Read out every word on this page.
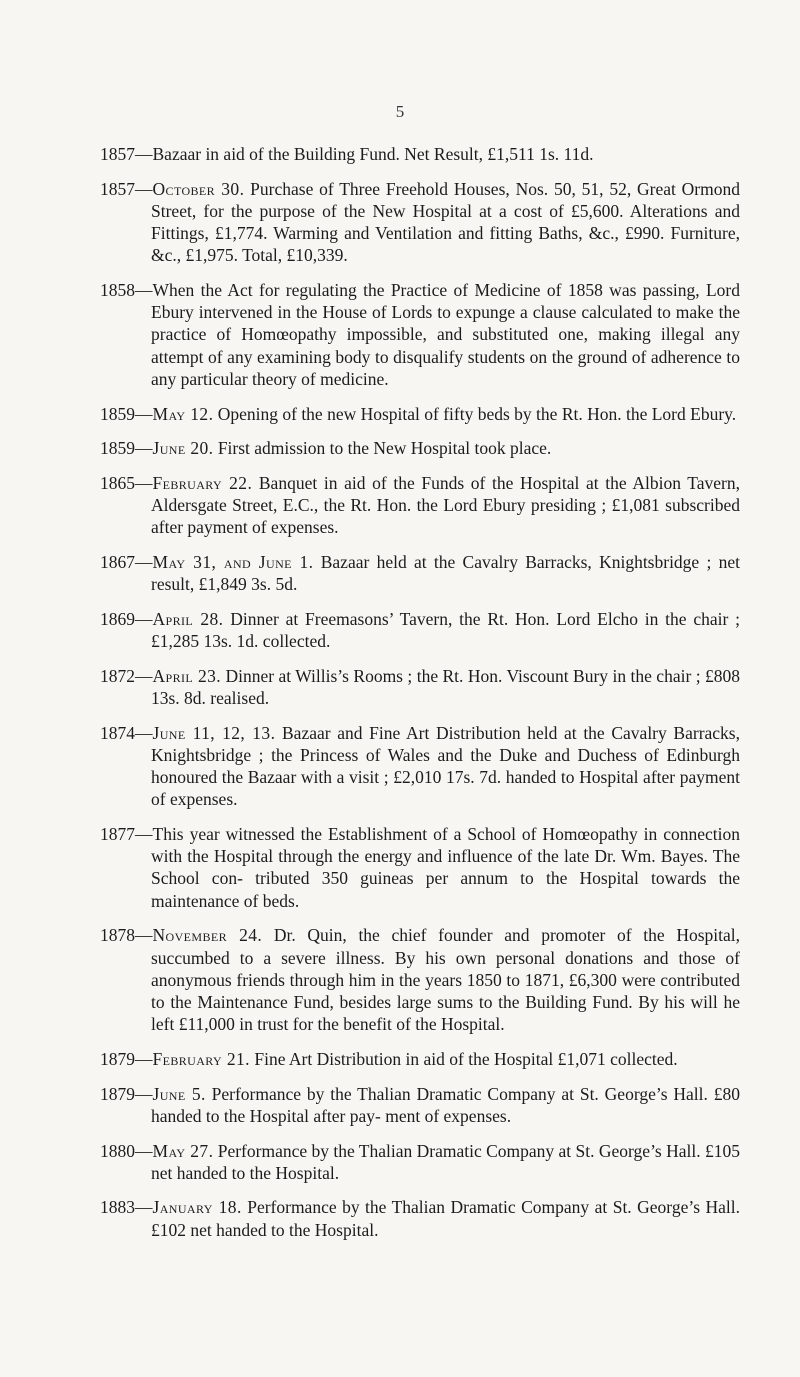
5

1857—Bazaar in aid of the Building Fund. Net Result, £1,511 1s. 11d.

1857—October 30. Purchase of Three Freehold Houses, Nos. 50, 51, 52, Great Ormond Street, for the purpose of the New Hospital at a cost of £5,600. Alterations and Fittings, £1,774. Warming and Ventilation and fitting Baths, &c., £990. Furniture, &c., £1,975. Total, £10,339.

1858—When the Act for regulating the Practice of Medicine of 1858 was passing, Lord Ebury intervened in the House of Lords to expunge a clause calculated to make the practice of Homœopathy impossible, and substituted one, making illegal any attempt of any examining body to disqualify students on the ground of adherence to any particular theory of medicine.

1859—May 12. Opening of the new Hospital of fifty beds by the Rt. Hon. the Lord Ebury.

1859—June 20. First admission to the New Hospital took place.

1865—February 22. Banquet in aid of the Funds of the Hospital at the Albion Tavern, Aldersgate Street, E.C., the Rt. Hon. the Lord Ebury presiding ; £1,081 subscribed after payment of expenses.

1867—May 31, and June 1. Bazaar held at the Cavalry Barracks, Knightsbridge ; net result, £1,849 3s. 5d.

1869—April 28. Dinner at Freemasons’ Tavern, the Rt. Hon. Lord Elcho in the chair ; £1,285 13s. 1d. collected.

1872—April 23. Dinner at Willis’s Rooms ; the Rt. Hon. Viscount Bury in the chair ; £808 13s. 8d. realised.

1874—June 11, 12, 13. Bazaar and Fine Art Distribution held at the Cavalry Barracks, Knightsbridge ; the Princess of Wales and the Duke and Duchess of Edinburgh honoured the Bazaar with a visit ; £2,010 17s. 7d. handed to Hospital after payment of expenses.

1877—This year witnessed the Establishment of a School of Homœopathy in connection with the Hospital through the energy and influence of the late Dr. Wm. Bayes. The School con- tributed 350 guineas per annum to the Hospital towards the maintenance of beds.

1878—November 24. Dr. Quin, the chief founder and promoter of the Hospital, succumbed to a severe illness. By his own personal donations and those of anonymous friends through him in the years 1850 to 1871, £6,300 were contributed to the Maintenance Fund, besides large sums to the Building Fund. By his will he left £11,000 in trust for the benefit of the Hospital.

1879—February 21. Fine Art Distribution in aid of the Hospital £1,071 collected.

1879—June 5. Performance by the Thalian Dramatic Company at St. George’s Hall. £80 handed to the Hospital after pay- ment of expenses.

1880—May 27. Performance by the Thalian Dramatic Company at St. George’s Hall. £105 net handed to the Hospital.

1883—January 18. Performance by the Thalian Dramatic Company at St. George’s Hall. £102 net handed to the Hospital.
